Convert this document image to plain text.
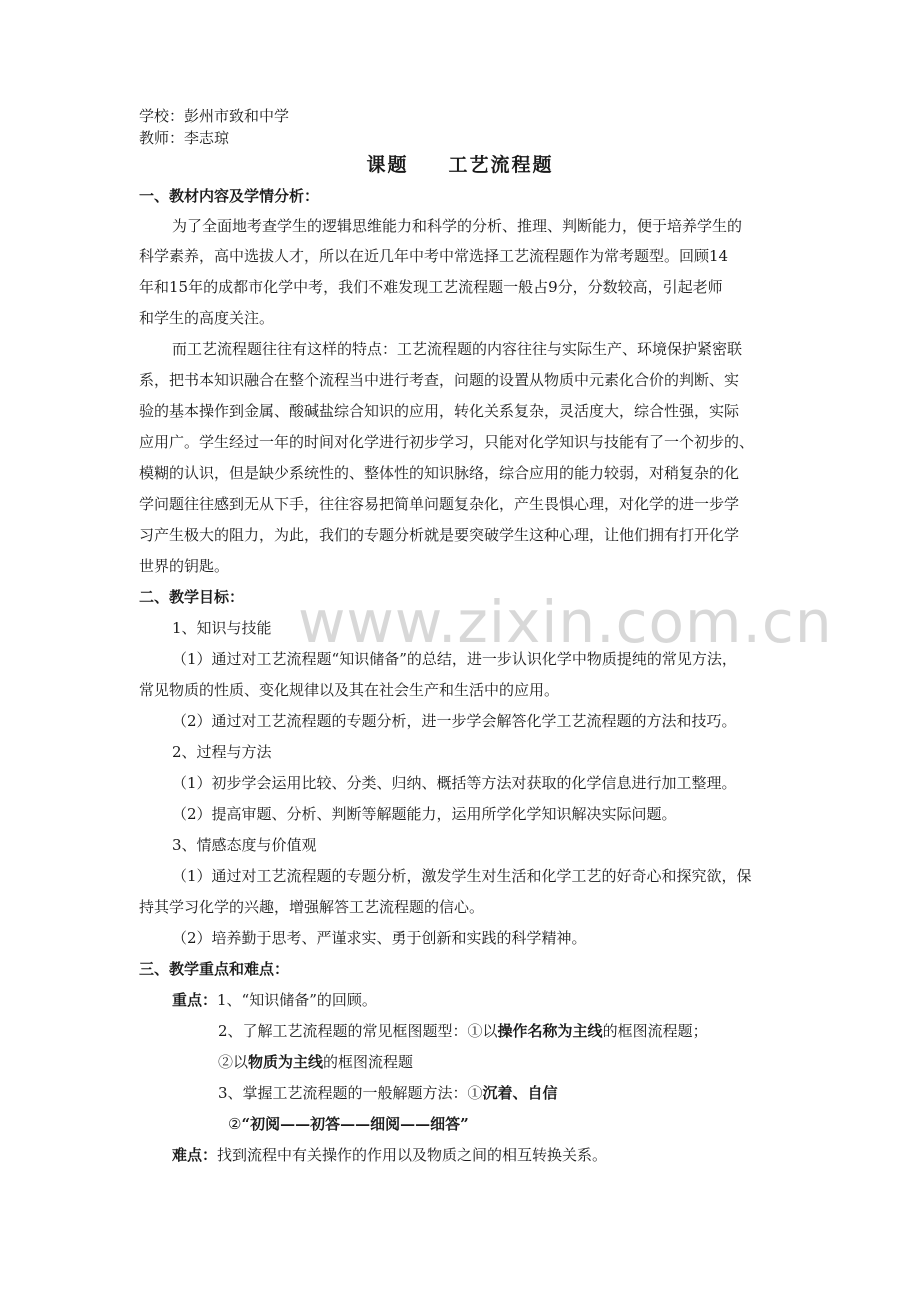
www.zixin.com.cn
学校：彭州市致和中学
教师：李志琼
课题 工艺流程题
一、教材内容及学情分析：
为了全面地考查学生的逻辑思维能力和科学的分析、推理、判断能力，便于培养学生的
科学素养，高中选拔人才，所以在近几年中考中常选择工艺流程题作为常考题型。回顾14
年和15年的成都市化学中考，我们不难发现工艺流程题一般占9分，分数较高，引起老师
和学生的高度关注。
而工艺流程题往往有这样的特点：工艺流程题的内容往往与实际生产、环境保护紧密联
系，把书本知识融合在整个流程当中进行考查，问题的设置从物质中元素化合价的判断、实
验的基本操作到金属、酸碱盐综合知识的应用，转化关系复杂，灵活度大，综合性强，实际
应用广。学生经过一年的时间对化学进行初步学习，只能对化学知识与技能有了一个初步的、
模糊的认识，但是缺少系统性的、整体性的知识脉络，综合应用的能力较弱，对稍复杂的化
学问题往往感到无从下手，往往容易把简单问题复杂化，产生畏惧心理，对化学的进一步学
习产生极大的阻力，为此，我们的专题分析就是要突破学生这种心理，让他们拥有打开化学
世界的钥匙。
二、教学目标：
1、知识与技能
（1）通过对工艺流程题“知识储备”的总结，进一步认识化学中物质提纯的常见方法，
常见物质的性质、变化规律以及其在社会生产和生活中的应用。
（2）通过对工艺流程题的专题分析，进一步学会解答化学工艺流程题的方法和技巧。
2、过程与方法
（1）初步学会运用比较、分类、归纳、概括等方法对获取的化学信息进行加工整理。
（2）提高审题、分析、判断等解题能力，运用所学化学知识解决实际问题。
3、情感态度与价值观
（1）通过对工艺流程题的专题分析，激发学生对生活和化学工艺的好奇心和探究欲，保
持其学习化学的兴趣，增强解答工艺流程题的信心。
（2）培养勤于思考、严谨求实、勇于创新和实践的科学精神。
三、教学重点和难点：
重点：1、“知识储备”的回顾。
2、了解工艺流程题的常见框图题型：①以操作名称为主线的框图流程题；
②以物质为主线的框图流程题
3、掌握工艺流程题的一般解题方法：①沉着、自信
②“初阅——初答——细阅——细答”
难点：找到流程中有关操作的作用以及物质之间的相互转换关系。
